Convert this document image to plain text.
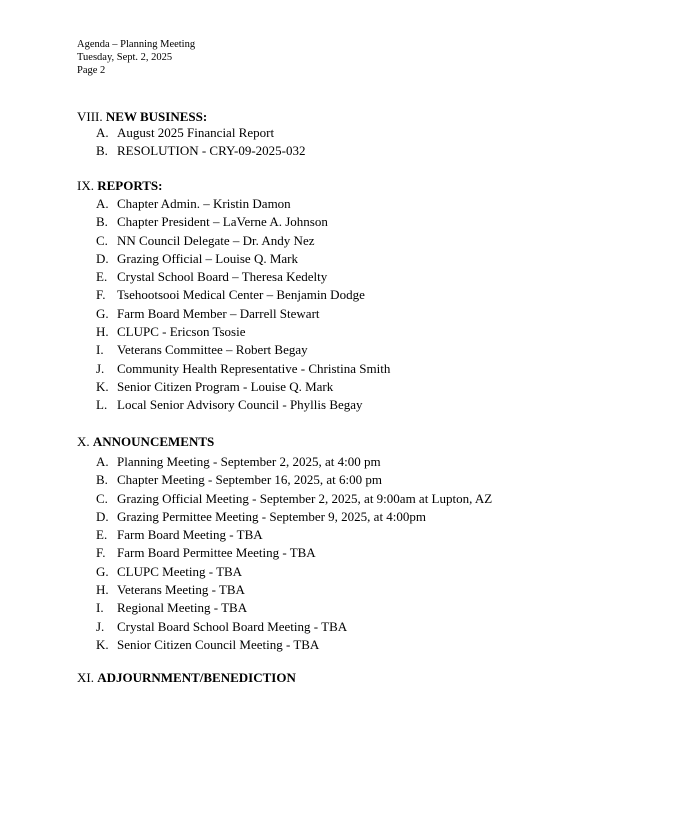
Agenda – Planning Meeting
Tuesday, Sept. 2, 2025
Page 2
VIII. NEW BUSINESS:
A. August 2025 Financial Report
B. RESOLUTION - CRY-09-2025-032
IX. REPORTS:
A. Chapter Admin. – Kristin Damon
B. Chapter President – LaVerne A. Johnson
C. NN Council Delegate – Dr. Andy Nez
D. Grazing Official – Louise Q. Mark
E. Crystal School Board – Theresa Kedelty
F. Tsehootsooi Medical Center – Benjamin Dodge
G. Farm Board Member – Darrell Stewart
H. CLUPC - Ericson Tsosie
I. Veterans Committee – Robert Begay
J. Community Health Representative - Christina Smith
K. Senior Citizen Program - Louise Q. Mark
L. Local Senior Advisory Council - Phyllis Begay
X. ANNOUNCEMENTS
A. Planning Meeting - September 2, 2025, at 4:00 pm
B. Chapter Meeting - September 16, 2025, at 6:00 pm
C. Grazing Official Meeting - September 2, 2025, at 9:00am at Lupton, AZ
D. Grazing Permittee Meeting - September 9, 2025, at 4:00pm
E. Farm Board Meeting - TBA
F. Farm Board Permittee Meeting - TBA
G. CLUPC Meeting - TBA
H. Veterans Meeting - TBA
I. Regional Meeting - TBA
J. Crystal Board School Board Meeting - TBA
K. Senior Citizen Council Meeting - TBA
XI. ADJOURNMENT/BENEDICTION
